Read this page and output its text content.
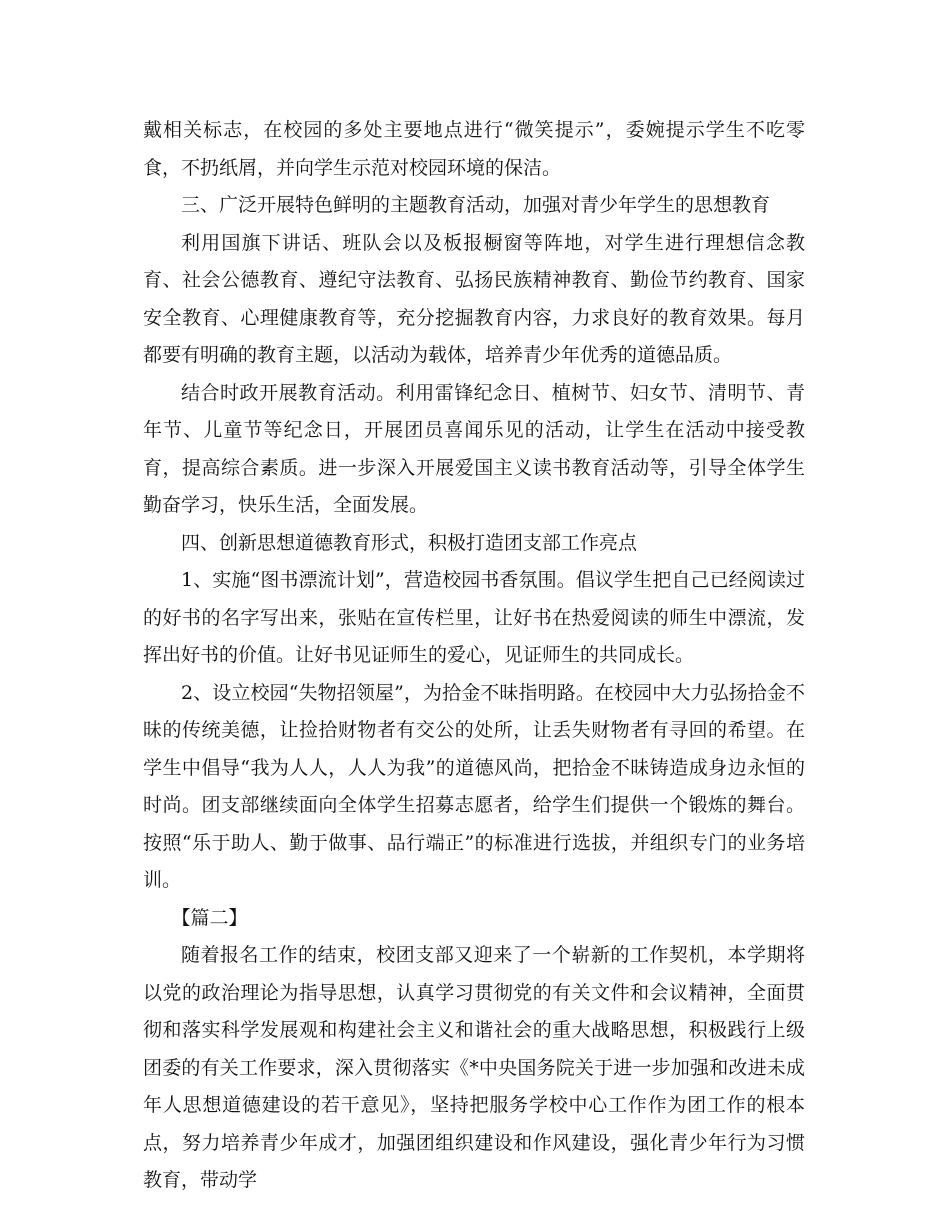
戴相关标志，在校园的多处主要地点进行“微笑提示”，委婉提示学生不吃零食，不扔纸屑，并向学生示范对校园环境的保洁。

三、广泛开展特色鲜明的主题教育活动，加强对青少年学生的思想教育

利用国旗下讲话、班队会以及板报橱窗等阵地，对学生进行理想信念教育、社会公德教育、遵纪守法教育、弘扬民族精神教育、勤俭节约教育、国家安全教育、心理健康教育等，充分挖掘教育内容，力求良好的教育效果。每月都要有明确的教育主题，以活动为载体，培养青少年优秀的道德品质。

结合时政开展教育活动。利用雷锋纪念日、植树节、妇女节、清明节、青年节、儿童节等纪念日，开展团员喜闻乐见的活动，让学生在活动中接受教育，提高综合素质。进一步深入开展爱国主义读书教育活动等，引导全体学生勤奋学习，快乐生活，全面发展。

四、创新思想道德教育形式，积极打造团支部工作亮点

1、实施“图书漂流计划”，营造校园书香氛围。倡议学生把自己已经阅读过的好书的名字写出来，张贴在宣传栏里，让好书在热爱阅读的师生中漂流，发挥出好书的价值。让好书见证师生的爱心，见证师生的共同成长。

2、设立校园“失物招领屋”，为拾金不昧指明路。在校园中大力弘扬拾金不昧的传统美德，让捡拾财物者有交公的处所，让丢失财物者有寻回的希望。在学生中倡导“我为人人，人人为我”的道德风尚，把拾金不昧铸造成身边永恒的时尚。团支部继续面向全体学生招募志愿者，给学生们提供一个锻炼的舞台。按照“乐于助人、勤于做事、品行端正”的标准进行选拔，并组织专门的业务培训。

【篇二】

随着报名工作的结束，校团支部又迎来了一个崭新的工作契机，本学期将以党的政治理论为指导思想，认真学习贯彻党的有关文件和会议精神，全面贯彻和落实科学发展观和构建社会主义和谐社会的重大战略思想，积极践行上级团委的有关工作要求，深入贯彻落实《*中央国务院关于进一步加强和改进未成年人思想道德建设的若干意见》，坚持把服务学校中心工作作为团工作的根本点，努力培养青少年成才，加强团组织建设和作风建设，强化青少年行为习惯教育，带动学
